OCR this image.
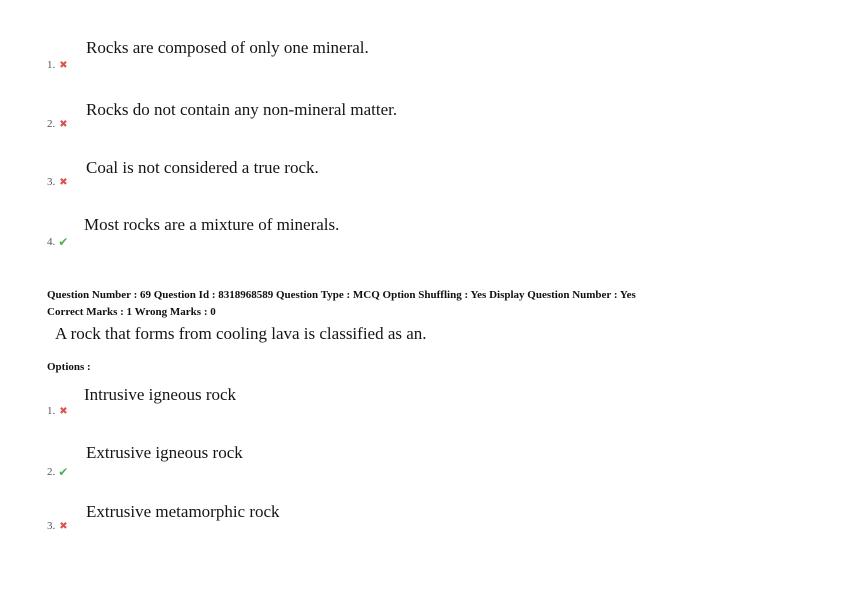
Rocks are composed of only one mineral.
1. ✖
Rocks do not contain any non-mineral matter.
2. ✖
Coal is not considered a true rock.
3. ✖
Most rocks are a mixture of minerals.
4. ✔
Question Number : 69 Question Id : 8318968589 Question Type : MCQ Option Shuffling : Yes Display Question Number : Yes
Correct Marks : 1 Wrong Marks : 0
A rock that forms from cooling lava is classified as an.
Options :
Intrusive igneous rock
1. ✖
Extrusive igneous rock
2. ✔
Extrusive metamorphic rock
3. ✖
